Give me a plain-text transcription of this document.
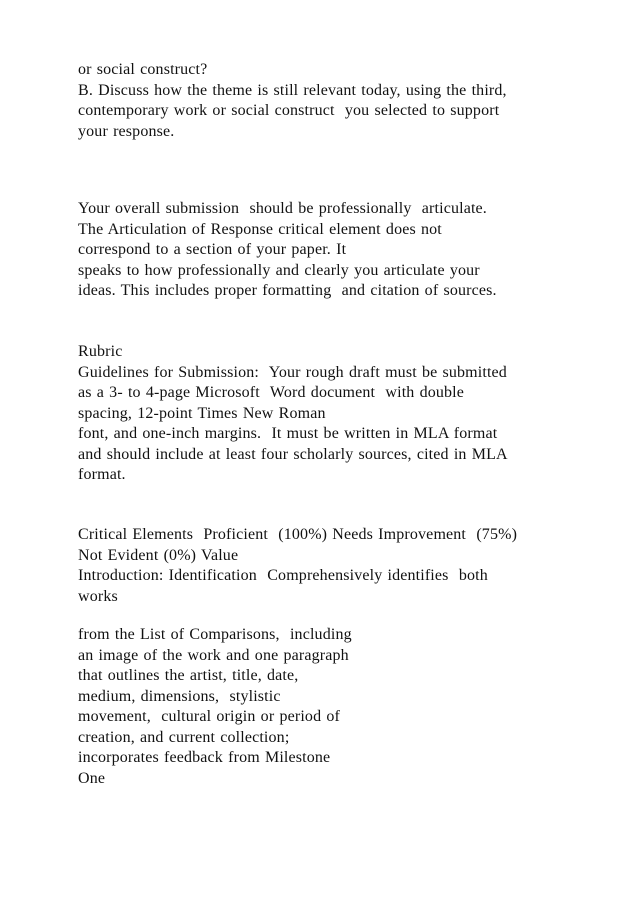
or social construct?
B. Discuss how the theme is still relevant today, using the third,
contemporary work or social construct  you selected to support
your response.
Your overall submission  should be professionally  articulate.
The Articulation of Response critical element does not
correspond to a section of your paper. It
speaks to how professionally and clearly you articulate your
ideas. This includes proper formatting  and citation of sources.
Rubric
Guidelines for Submission:  Your rough draft must be submitted
as a 3- to 4-page Microsoft  Word document  with double
spacing, 12-point Times New Roman
font, and one-inch margins.  It must be written in MLA format
and should include at least four scholarly sources, cited in MLA
format.
Critical Elements  Proficient  (100%) Needs Improvement  (75%)
Not Evident (0%) Value
Introduction: Identification  Comprehensively identifies  both
works
from the List of Comparisons,  including
an image of the work and one paragraph
that outlines the artist, title, date,
medium, dimensions,  stylistic
movement,  cultural origin or period of
creation, and current collection;
incorporates feedback from Milestone
One
